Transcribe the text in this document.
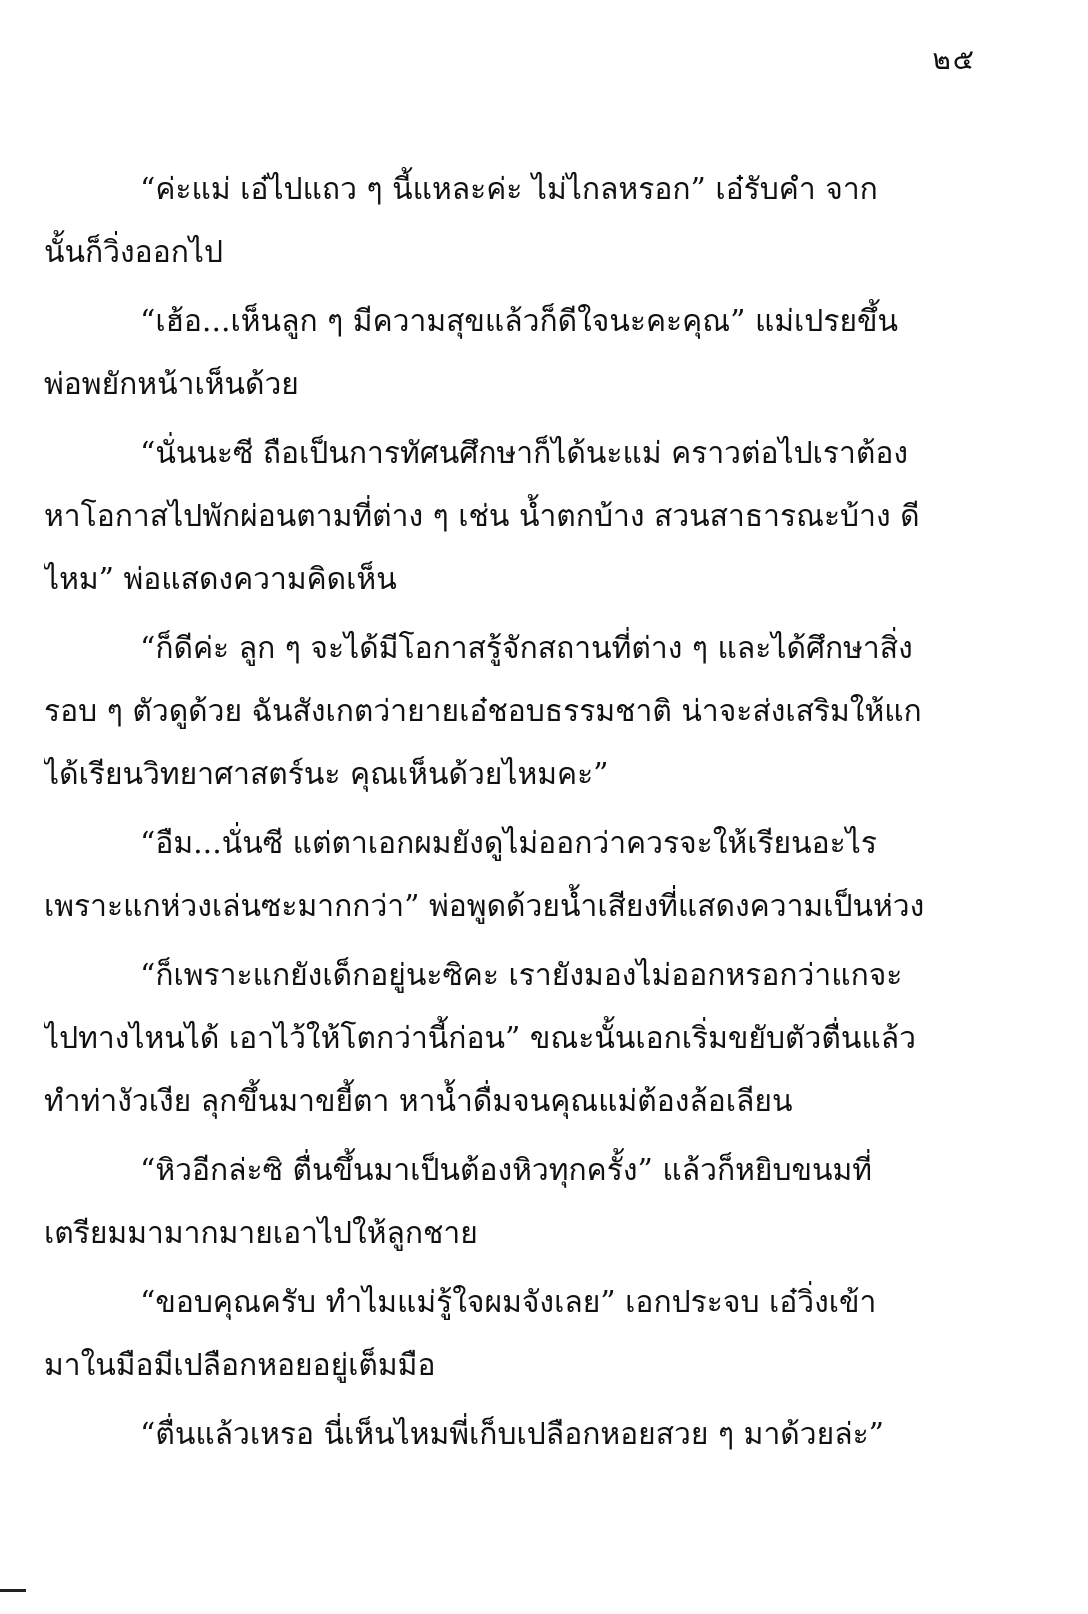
๒๕

“ค่ะแม่ เอ๋ไปแถว ๆ นี้แหละค่ะ ไม่ไกลหรอก” เอ๋รับคำ จาก
นั้นก็วิ่งออกไป

“เฮ้อ...เห็นลูก ๆ มีความสุขแล้วก็ดีใจนะคะคุณ” แม่เปรยขึ้น
พ่อพยักหน้าเห็นด้วย

“นั่นนะซี ถือเป็นการทัศนศึกษาก็ได้นะแม่ คราวต่อไปเราต้อง
หาโอกาสไปพักผ่อนตามที่ต่าง ๆ เช่น น้ำตกบ้าง สวนสาธารณะบ้าง ดี
ไหม” พ่อแสดงความคิดเห็น

“ก็ดีค่ะ ลูก ๆ จะได้มีโอกาสรู้จักสถานที่ต่าง ๆ และได้ศึกษาสิ่ง
รอบ ๆ ตัวดูด้วย ฉันสังเกตว่ายายเอ๋ชอบธรรมชาติ น่าจะส่งเสริมให้แก
ได้เรียนวิทยาศาสตร์นะ คุณเห็นด้วยไหมคะ”

“อืม...นั่นซี แต่ตาเอกผมยังดูไม่ออกว่าควรจะให้เรียนอะไร
เพราะแกห่วงเล่นซะมากกว่า” พ่อพูดด้วยน้ำเสียงที่แสดงความเป็นห่วง

“ก็เพราะแกยังเด็กอยู่นะซิคะ เรายังมองไม่ออกหรอกว่าแกจะ
ไปทางไหนได้ เอาไว้ให้โตกว่านี้ก่อน” ขณะนั้นเอกเริ่มขยับตัวตื่นแล้ว
ทำท่างัวเงีย ลุกขึ้นมาขยี้ตา หาน้ำดื่มจนคุณแม่ต้องล้อเลียน

“หิวอีกล่ะซิ ตื่นขึ้นมาเป็นต้องหิวทุกครั้ง” แล้วก็หยิบขนมที่
เตรียมมามากมายเอาไปให้ลูกชาย

“ขอบคุณครับ ทำไมแม่รู้ใจผมจังเลย” เอกประจบ เอ๋วิ่งเข้า
มาในมือมีเปลือกหอยอยู่เต็มมือ

“ตื่นแล้วเหรอ นี่เห็นไหมพี่เก็บเปลือกหอยสวย ๆ มาด้วยล่ะ”
